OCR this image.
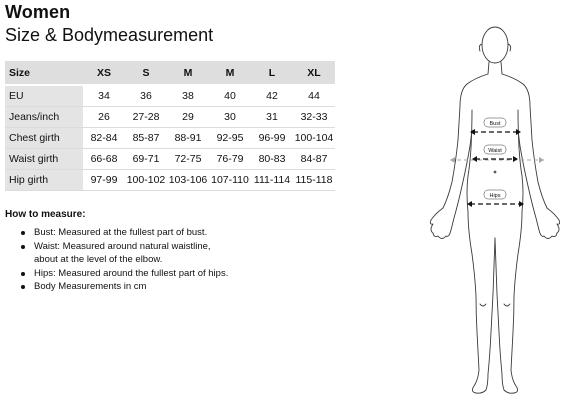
Women
Size & Bodymeasurement
Size	XS	S	M	M	L	XL
EU	34	36	38	40	42	44
Jeans/inch	26	27-28	29	30	31	32-33
Chest girth	82-84	85-87	88-91	92-95	96-99	100-104
Waist girth	66-68	69-71	72-75	76-79	80-83	84-87
Hip girth	97-99	100-102	103-106	107-110	111-114	115-118
How to measure:
Bust: Measured at the fullest part of bust.
Waist: Measured around natural waistline,
about at the level of the elbow.
Hips: Measured around the fullest part of hips.
Body Measurements in cm
Bust
Waist
Hips
